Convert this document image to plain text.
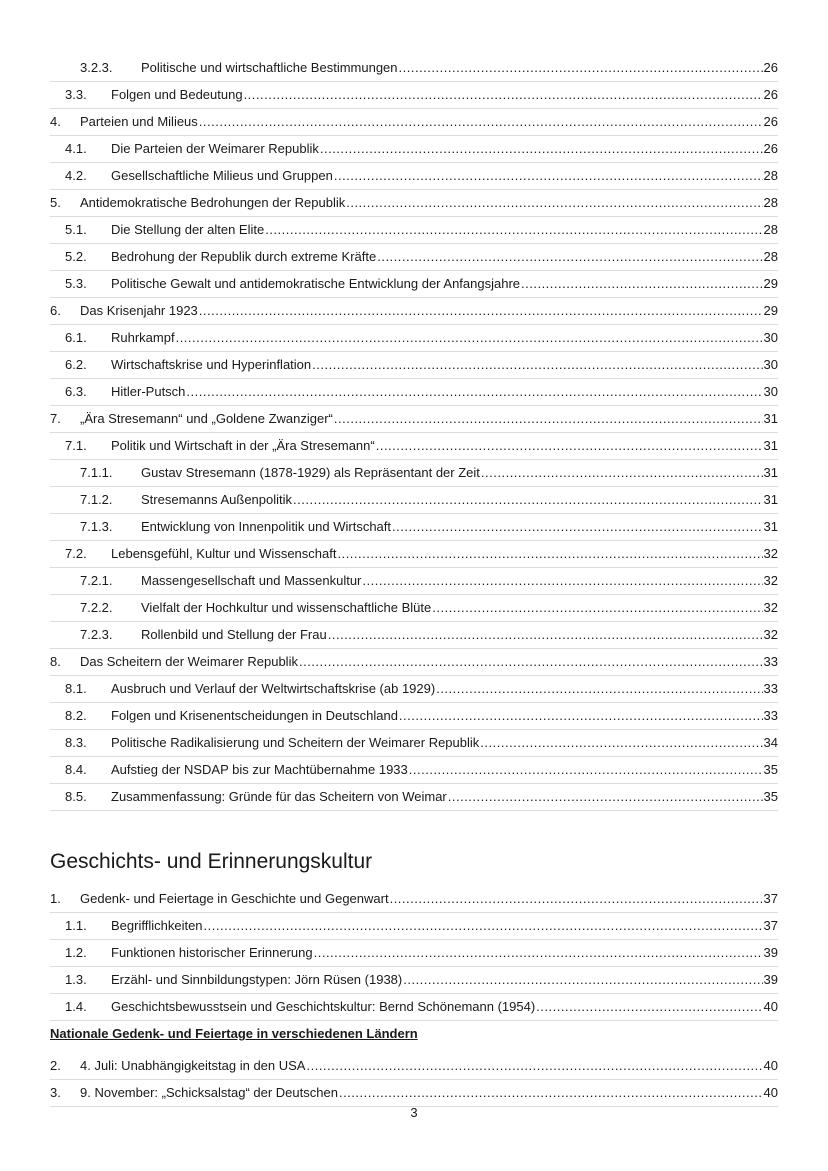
3.2.3.	Politische und wirtschaftliche Bestimmungen .....	26
3.3.	Folgen und Bedeutung .....	26
4.	Parteien und Milieus .....	26
4.1.	Die Parteien der Weimarer Republik .....	26
4.2.	Gesellschaftliche Milieus und Gruppen .....	28
5.	Antidemokratische Bedrohungen der Republik .....	28
5.1.	Die Stellung der alten Elite .....	28
5.2.	Bedrohung der Republik durch extreme Kräfte .....	28
5.3.	Politische Gewalt und antidemokratische Entwicklung der Anfangsjahre .....	29
6.	Das Krisenjahr 1923 .....	29
6.1.	Ruhrkampf .....	30
6.2.	Wirtschaftskrise und Hyperinflation .....	30
6.3.	Hitler-Putsch .....	30
7.	„Ära Stresemann“ und „Goldene Zwanziger“ .....	31
7.1.	Politik und Wirtschaft in der „Ära Stresemann“ .....	31
7.1.1.	Gustav Stresemann (1878-1929) als Repräsentant der Zeit .....	31
7.1.2.	Stresemanns Außenpolitik .....	31
7.1.3.	Entwicklung von Innenpolitik und Wirtschaft .....	31
7.2.	Lebensgefühl, Kultur und Wissenschaft .....	32
7.2.1.	Massengesellschaft und Massenkultur .....	32
7.2.2.	Vielfalt der Hochkultur und wissenschaftliche Blüte .....	32
7.2.3.	Rollenbild und Stellung der Frau .....	32
8.	Das Scheitern der Weimarer Republik .....	33
8.1.	Ausbruch und Verlauf der Weltwirtschaftskrise (ab 1929) .....	33
8.2.	Folgen und Krisenentscheidungen in Deutschland .....	33
8.3.	Politische Radikalisierung und Scheitern der Weimarer Republik .....	34
8.4.	Aufstieg der NSDAP bis zur Machtübernahme 1933 .....	35
8.5.	Zusammenfassung: Gründe für das Scheitern von Weimar .....	35
Geschichts- und Erinnerungskultur
1.	Gedenk- und Feiertage in Geschichte und Gegenwart .....	37
1.1.	Begrifflichkeiten .....	37
1.2.	Funktionen historischer Erinnerung .....	39
1.3.	Erzähl- und Sinnbildungstypen: Jörn Rüsen (1938) .....	39
1.4.	Geschichtsbewusstsein und Geschichtskultur: Bernd Schönemann (1954) .....	40
Nationale Gedenk- und Feiertage in verschiedenen Ländern
2.	4. Juli: Unabhängigkeitstag in den USA .....	40
3.	9. November: „Schicksalstag“ der Deutschen .....	40
3
